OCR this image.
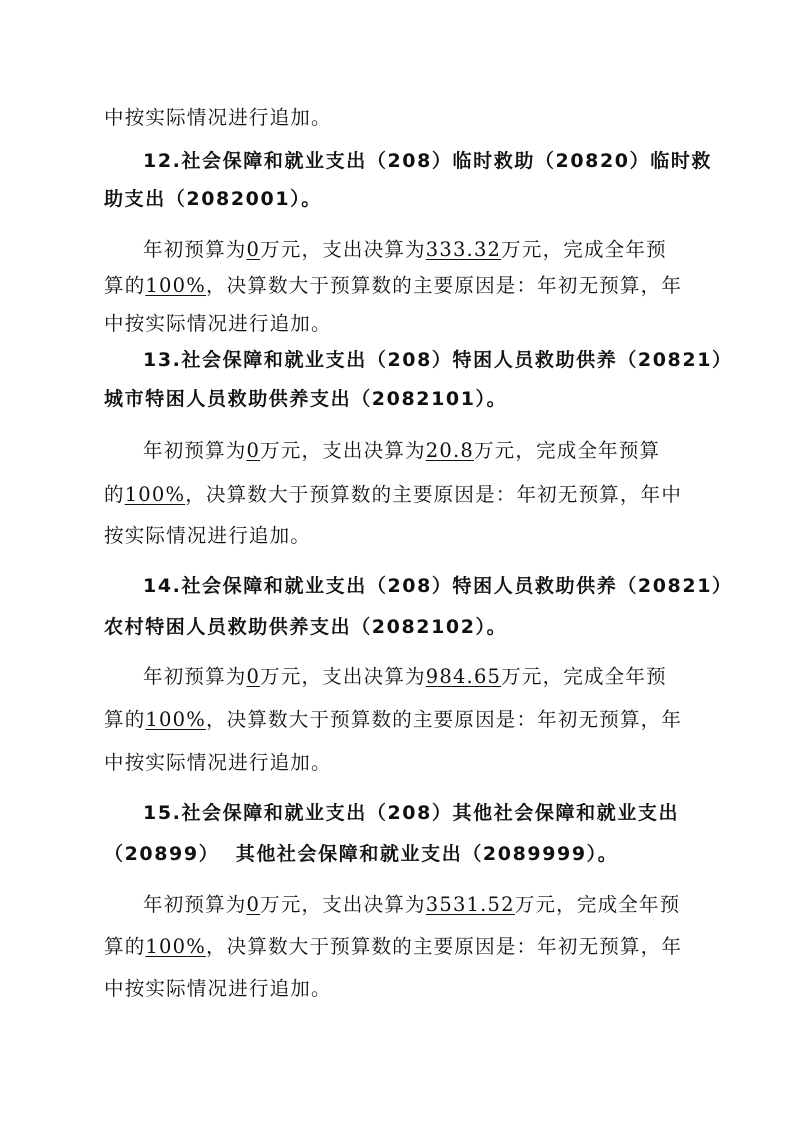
中按实际情况进行追加。
12.社会保障和就业支出（208）临时救助（20820）临时救
助支出（2082001）。
年初预算为0万元，支出决算为333.32万元，完成全年预
算的100%，决算数大于预算数的主要原因是：年初无预算，年
中按实际情况进行追加。
13.社会保障和就业支出（208）特困人员救助供养（20821）
城市特困人员救助供养支出（2082101）。
年初预算为0万元，支出决算为20.8万元，完成全年预算
的100%，决算数大于预算数的主要原因是：年初无预算，年中
按实际情况进行追加。
14.社会保障和就业支出（208）特困人员救助供养（20821）
农村特困人员救助供养支出（2082102）。
年初预算为0万元，支出决算为984.65万元，完成全年预
算的100%，决算数大于预算数的主要原因是：年初无预算，年
中按实际情况进行追加。
15.社会保障和就业支出（208）其他社会保障和就业支出
（20899）  其他社会保障和就业支出（2089999）。
年初预算为0万元，支出决算为3531.52万元，完成全年预
算的100%，决算数大于预算数的主要原因是：年初无预算，年
中按实际情况进行追加。
